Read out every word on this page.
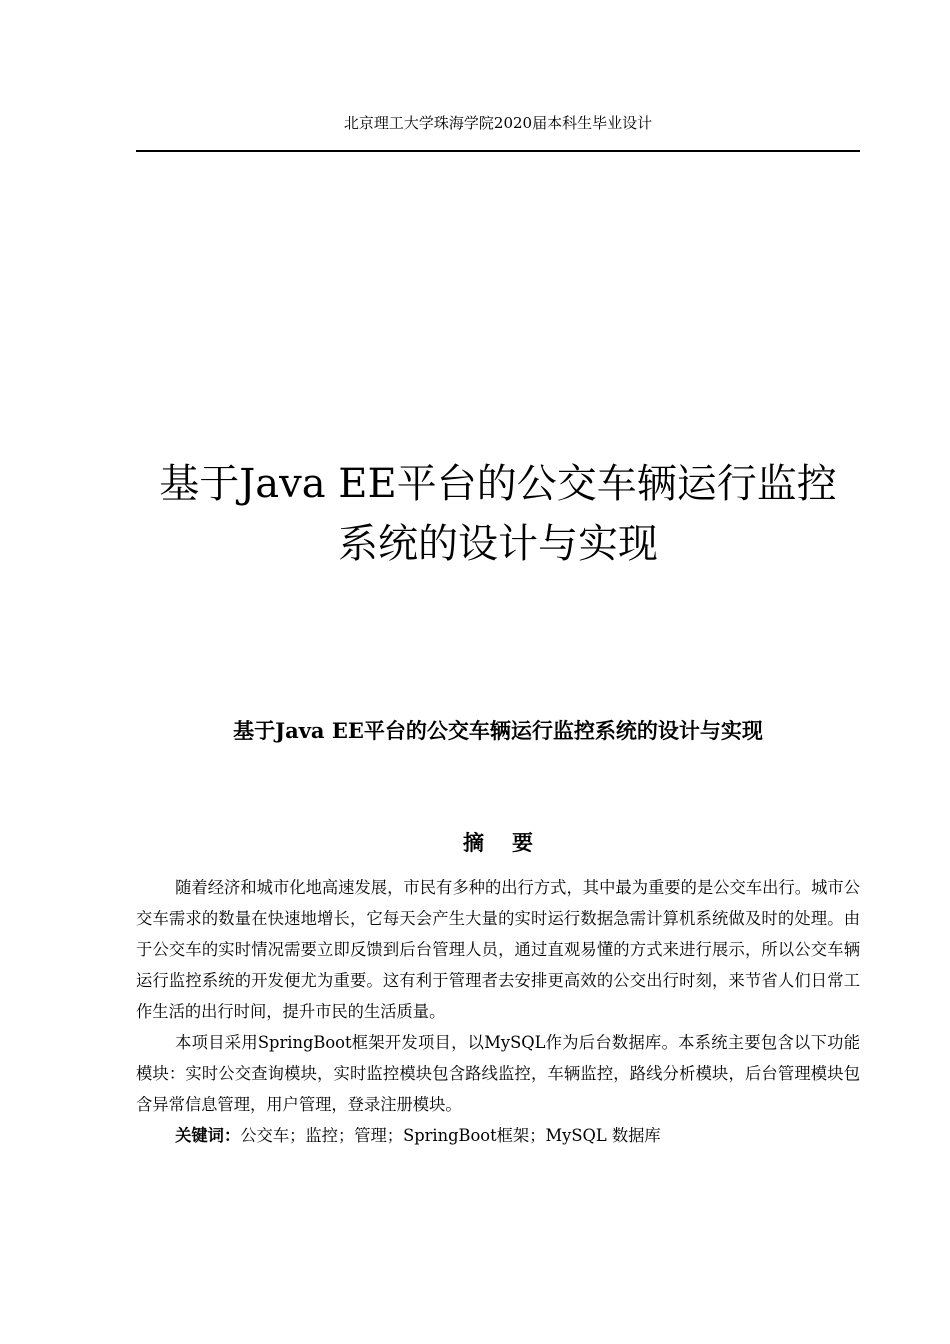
北京理工大学珠海学院2020届本科生毕业设计
基于Java EE平台的公交车辆运行监控
系统的设计与实现
基于Java EE平台的公交车辆运行监控系统的设计与实现
摘要

随着经济和城市化地高速发展，市民有多种的出行方式，其中最为重要的是公交车出行。城市公交车需求的数量在快速地增长，它每天会产生大量的实时运行数据急需计算机系统做及时的处理。由于公交车的实时情况需要立即反馈到后台管理人员，通过直观易懂的方式来进行展示，所以公交车辆运行监控系统的开发便尤为重要。这有利于管理者去安排更高效的公交出行时刻，来节省人们日常工作生活的出行时间，提升市民的生活质量。

本项目采用SpringBoot框架开发项目，以MySQL作为后台数据库。本系统主要包含以下功能模块：实时公交查询模块，实时监控模块包含路线监控，车辆监控，路线分析模块，后台管理模块包含异常信息管理，用户管理，登录注册模块。

关键词：公交车；监控；管理；SpringBoot框架；MySQL 数据库
